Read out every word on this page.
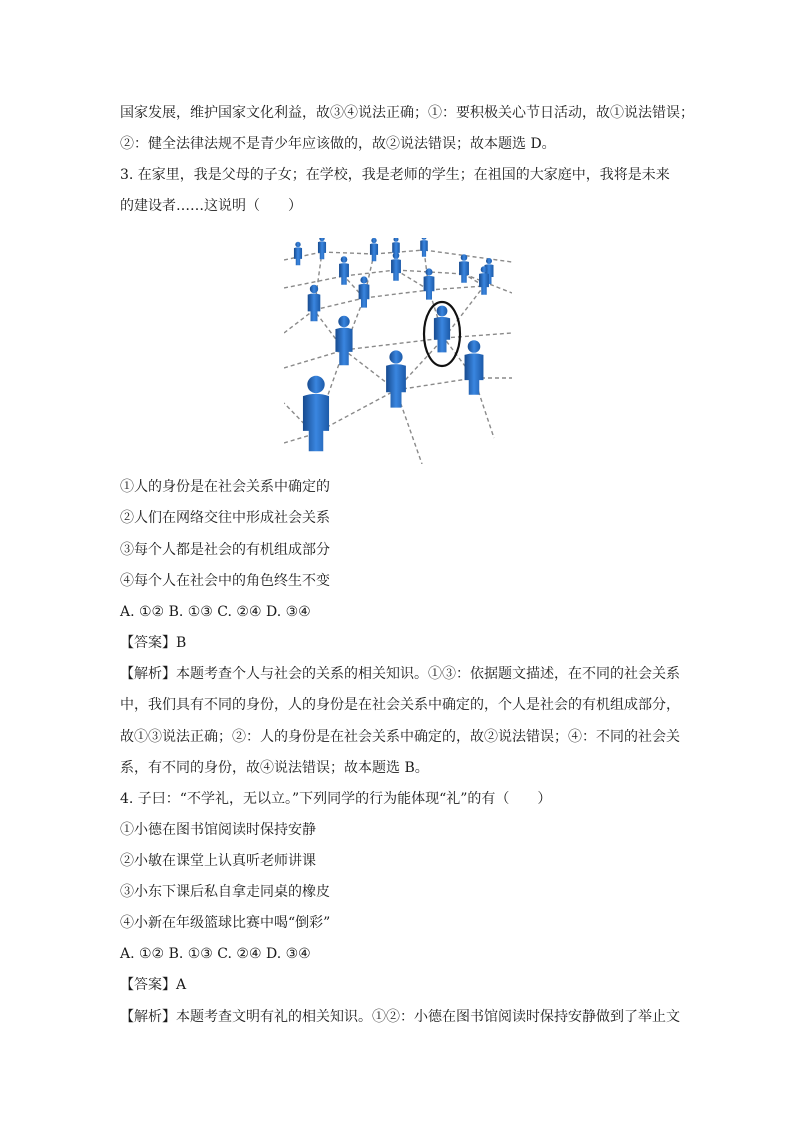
国家发展，维护国家文化利益，故③④说法正确；①：要积极关心节日活动，故①说法错误；
②：健全法律法规不是青少年应该做的，故②说法错误；故本题选 D。
3. 在家里，我是父母的子女；在学校，我是老师的学生；在祖国的大家庭中，我将是未来
的建设者……这说明（　　）
①人的身份是在社会关系中确定的
②人们在网络交往中形成社会关系
③每个人都是社会的有机组成部分
④每个人在社会中的角色终生不变
A. ①② B. ①③ C. ②④ D. ③④
【答案】B
【解析】本题考查个人与社会的关系的相关知识。①③：依据题文描述，在不同的社会关系
中，我们具有不同的身份，人的身份是在社会关系中确定的，个人是社会的有机组成部分，
故①③说法正确；②：人的身份是在社会关系中确定的，故②说法错误；④：不同的社会关
系，有不同的身份，故④说法错误；故本题选 B。
4. 子曰：“不学礼，无以立。”下列同学的行为能体现“礼”的有（　　）
①小德在图书馆阅读时保持安静
②小敏在课堂上认真听老师讲课
③小东下课后私自拿走同桌的橡皮
④小新在年级篮球比赛中喝“倒彩”
A. ①② B. ①③ C. ②④ D. ③④
【答案】A
【解析】本题考查文明有礼的相关知识。①②：小德在图书馆阅读时保持安静做到了举止文
